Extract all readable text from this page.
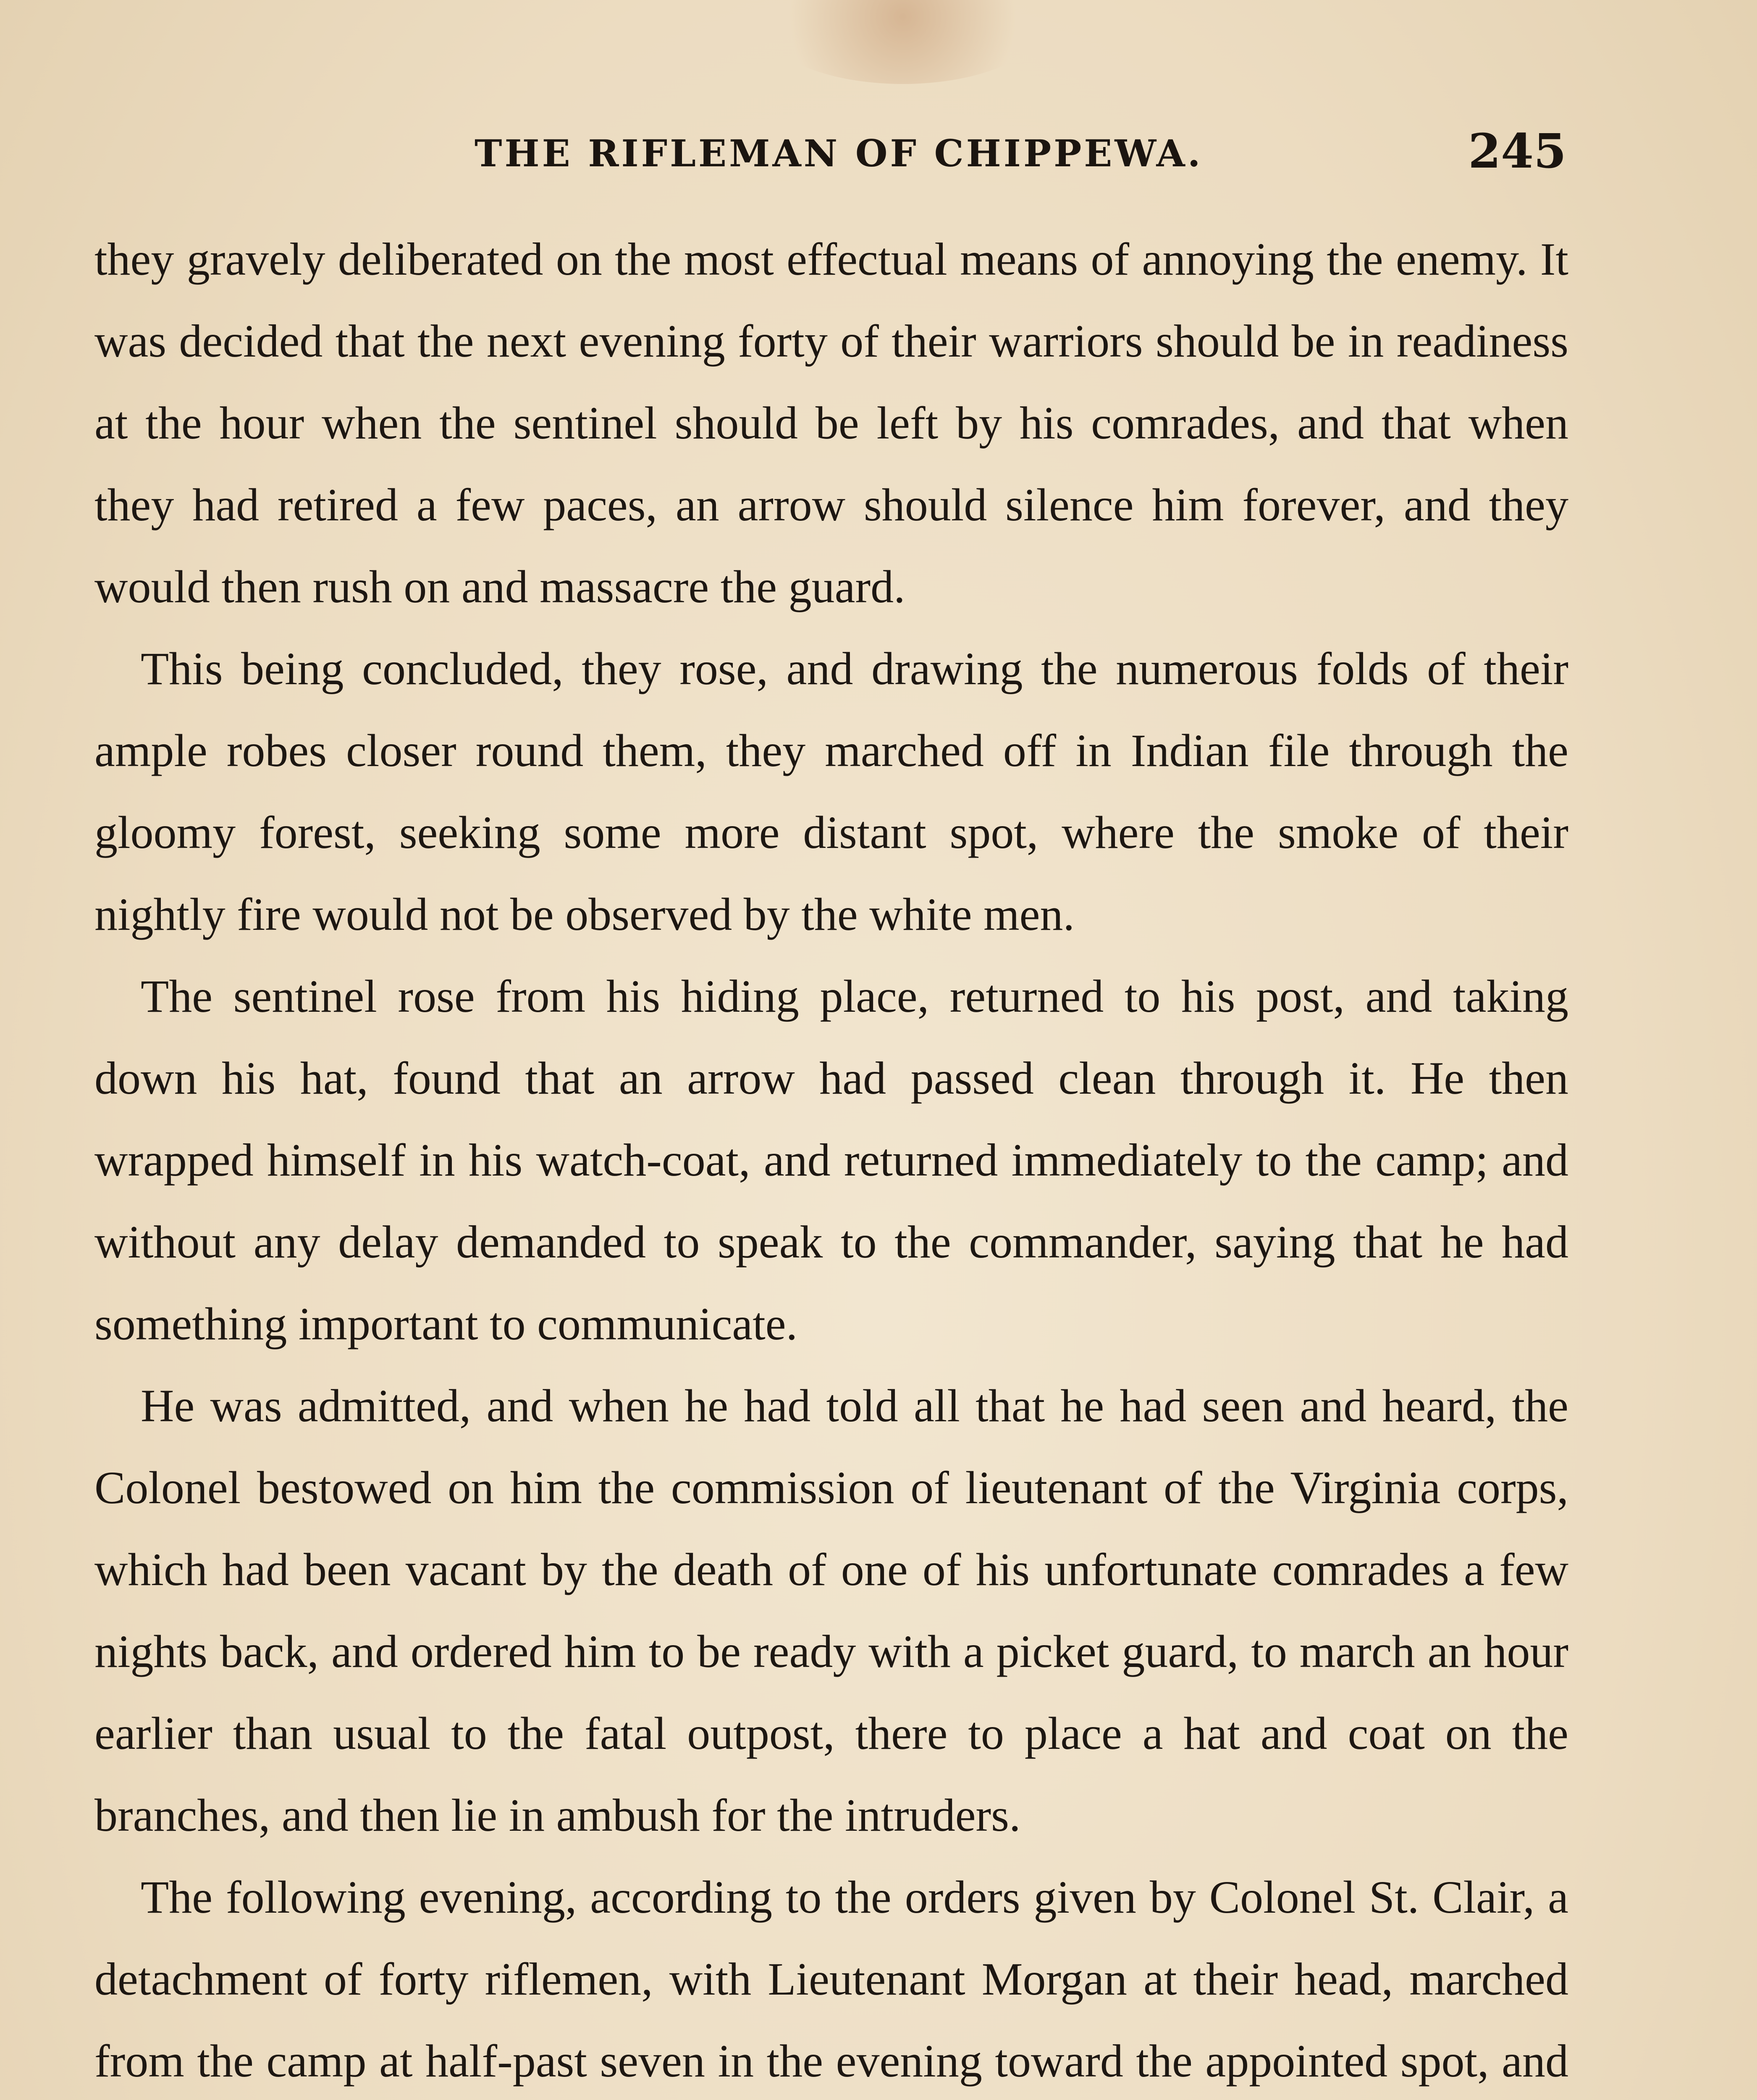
THE RIFLEMAN OF CHIPPEWA.	245

they gravely deliberated on the most effectual means of annoying the enemy. It was decided that the next evening forty of their warriors should be in readiness at the hour when the sentinel should be left by his comrades, and that when they had retired a few paces, an arrow should silence him forever, and they would then rush on and massacre the guard.

This being concluded, they rose, and drawing the numerous folds of their ample robes closer round them, they marched off in Indian file through the gloomy forest, seeking some more distant spot, where the smoke of their nightly fire would not be observed by the white men.

The sentinel rose from his hiding place, returned to his post, and taking down his hat, found that an arrow had passed clean through it. He then wrapped himself in his watch-coat, and returned immediately to the camp; and without any delay demanded to speak to the commander, saying that he had something important to communicate.

He was admitted, and when he had told all that he had seen and heard, the Colonel bestowed on him the commission of lieutenant of the Virginia corps, which had been vacant by the death of one of his unfortunate comrades a few nights back, and ordered him to be ready with a picket guard, to march an hour earlier than usual to the fatal outpost, there to place a hat and coat on the branches, and then lie in ambush for the intruders.

The following evening, according to the orders given by Colonel St. Clair, a detachment of forty riflemen, with Lieutenant Morgan at their head, marched from the camp at half-past seven in the evening toward the appointed spot, and
